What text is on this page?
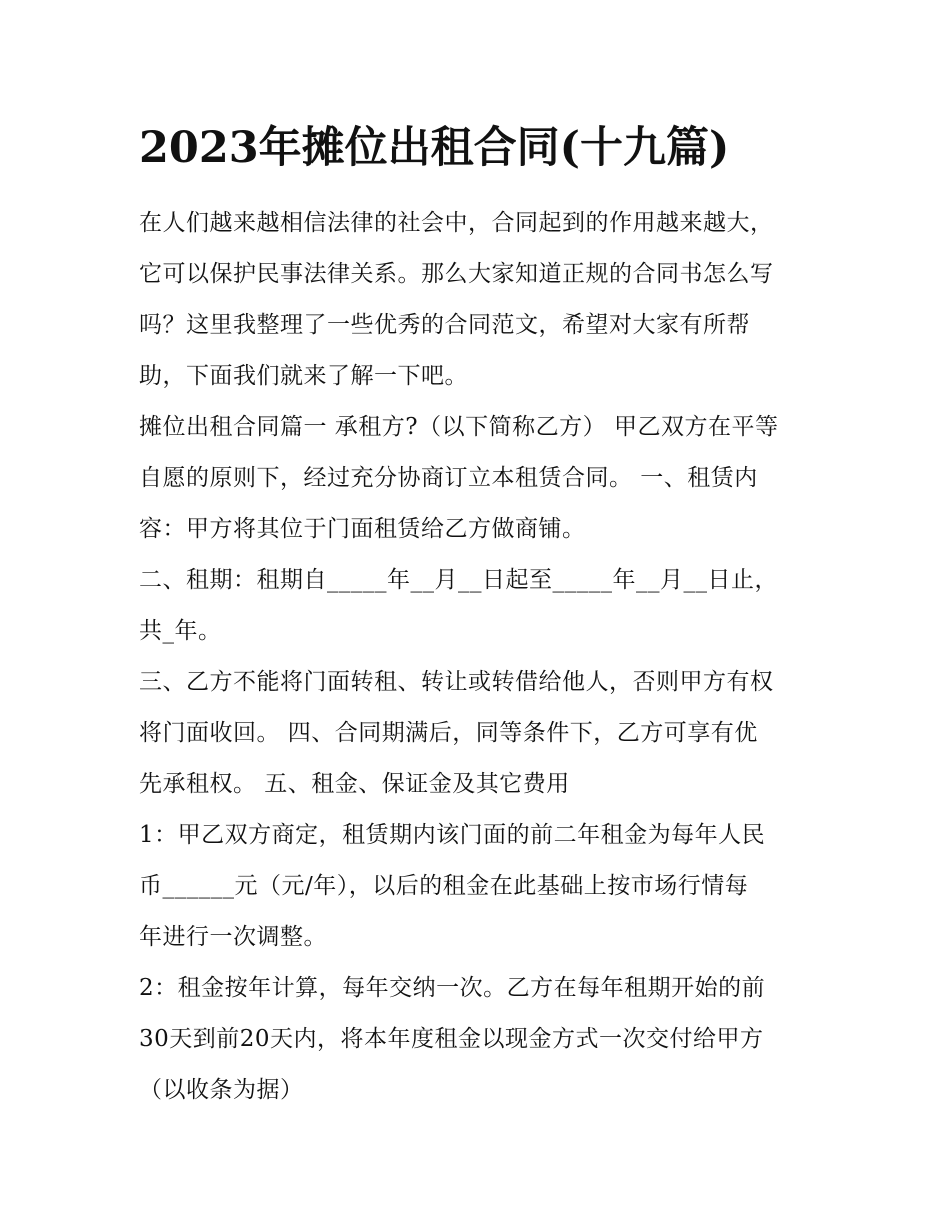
2023年摊位出租合同(十九篇)

在人们越来越相信法律的社会中，合同起到的作用越来越大，
它可以保护民事法律关系。那么大家知道正规的合同书怎么写
吗？这里我整理了一些优秀的合同范文，希望对大家有所帮
助，下面我们就来了解一下吧。

摊位出租合同篇一 承租方?（以下简称乙方） 甲乙双方在平等
自愿的原则下，经过充分协商订立本租赁合同。 一、租赁内
容：甲方将其位于门面租赁给乙方做商铺。

二、租期：租期自_____年__月__日起至_____年__月__日止，
共_年。

三、乙方不能将门面转租、转让或转借给他人，否则甲方有权
将门面收回。 四、合同期满后，同等条件下，乙方可享有优
先承租权。 五、租金、保证金及其它费用

1：甲乙双方商定，租赁期内该门面的前二年租金为每年人民
币______元（元/年），以后的租金在此基础上按市场行情每
年进行一次调整。

2：租金按年计算，每年交纳一次。乙方在每年租期开始的前
30天到前20天内，将本年度租金以现金方式一次交付给甲方
（以收条为据）
